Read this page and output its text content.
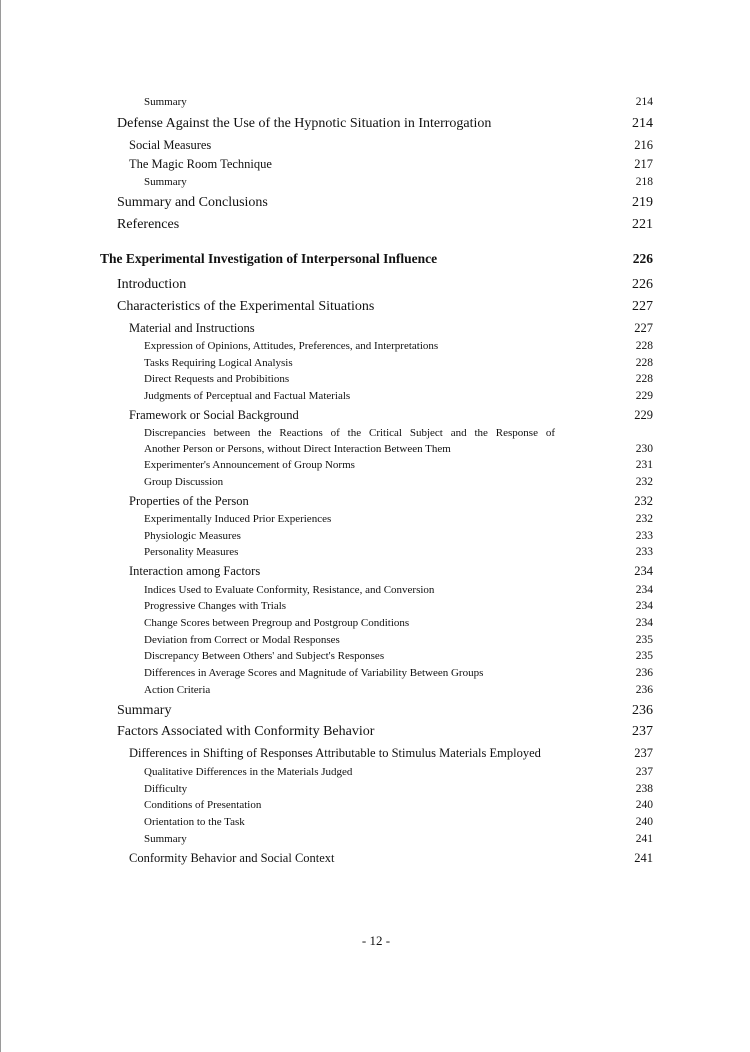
Summary	214
Defense Against the Use of the Hypnotic Situation in Interrogation	214
Social Measures	216
The Magic Room Technique	217
Summary	218
Summary and Conclusions	219
References	221
The Experimental Investigation of Interpersonal Influence	226
Introduction	226
Characteristics of the Experimental Situations	227
Material and Instructions	227
Expression of Opinions, Attitudes, Preferences, and Interpretations	228
Tasks Requiring Logical Analysis	228
Direct Requests and Probibitions	228
Judgments of Perceptual and Factual Materials	229
Framework or Social Background	229
Discrepancies between the Reactions of the Critical Subject and the Response of
Another Person or Persons, without Direct Interaction Between Them	230
Experimenter's Announcement of Group Norms	231
Group Discussion	232
Properties of the Person	232
Experimentally Induced Prior Experiences	232
Physiologic Measures	233
Personality Measures	233
Interaction among Factors	234
Indices Used to Evaluate Conformity, Resistance, and Conversion	234
Progressive Changes with Trials	234
Change Scores between Pregroup and Postgroup Conditions	234
Deviation from Correct or Modal Responses	235
Discrepancy Between Others' and Subject's Responses	235
Differences in Average Scores and Magnitude of Variability Between Groups	236
Action Criteria	236
Summary	236
Factors Associated with Conformity Behavior	237
Differences in Shifting of Responses Attributable to Stimulus Materials Employed	237
Qualitative Differences in the Materials Judged	237
Difficulty	238
Conditions of Presentation	240
Orientation to the Task	240
Summary	241
Conformity Behavior and Social Context	241
- 12 -
